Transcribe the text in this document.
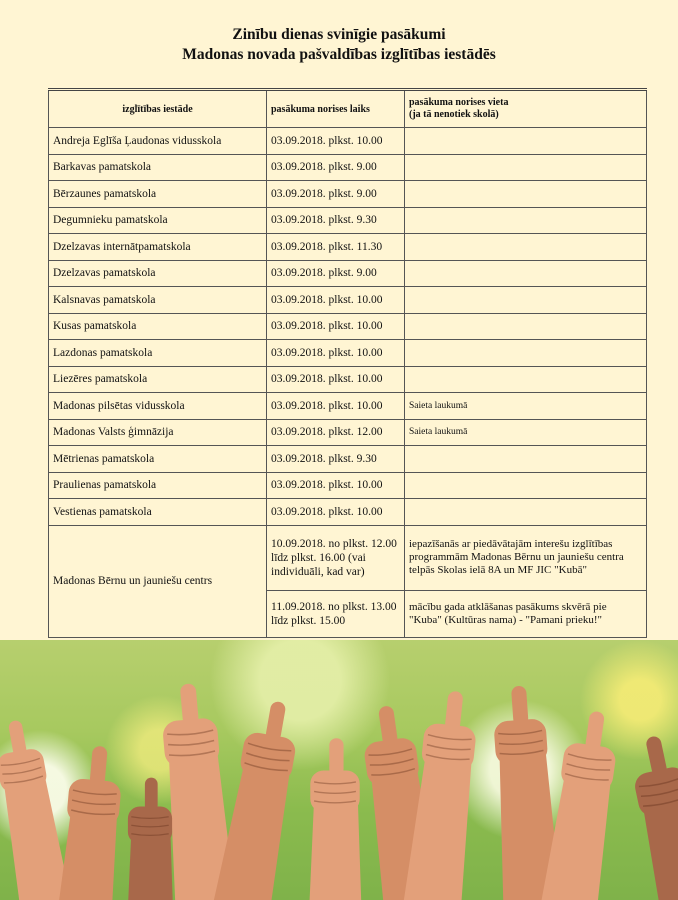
Zinību dienas svinīgie pasākumi
Madonas novada pašvaldības izglītības iestādēs
izglītības iestāde	pasākuma norises laiks	pasākuma norises vieta
(ja tā nenotiek skolā)

Andreja Eglīša Ļaudonas vidusskola	03.09.2018. plkst. 10.00	
Barkavas pamatskola	03.09.2018. plkst. 9.00	
Bērzaunes pamatskola	03.09.2018. plkst. 9.00	
Degumnieku pamatskola	03.09.2018. plkst. 9.30	
Dzelzavas internātpamatskola	03.09.2018. plkst. 11.30	
Dzelzavas pamatskola	03.09.2018. plkst. 9.00	
Kalsnavas pamatskola	03.09.2018. plkst. 10.00	
Kusas pamatskola	03.09.2018. plkst. 10.00	
Lazdonas pamatskola	03.09.2018. plkst. 10.00	
Liezēres pamatskola	03.09.2018. plkst. 10.00	
Madonas pilsētas vidusskola	03.09.2018. plkst. 10.00	Saieta laukumā
Madonas Valsts ģimnāzija	03.09.2018. plkst. 12.00	Saieta laukumā
Mētrienas pamatskola	03.09.2018. plkst. 9.30	
Praulienas pamatskola	03.09.2018. plkst. 10.00	
Vestienas pamatskola	03.09.2018. plkst. 10.00	
Madonas Bērnu un jauniešu centrs	10.09.2018. no plkst. 12.00 līdz plkst. 16.00 (vai individuāli, kad var)	iepazīšanās ar piedāvātajām interešu izglītības programmām Madonas Bērnu un jauniešu centra telpās Skolas ielā 8A un MF JIC "Kubā"
	11.09.2018. no plkst. 13.00 līdz plkst. 15.00	mācību gada atklāšanas pasākums skvērā pie "Kuba" (Kultūras nama) - "Pamani prieku!"
